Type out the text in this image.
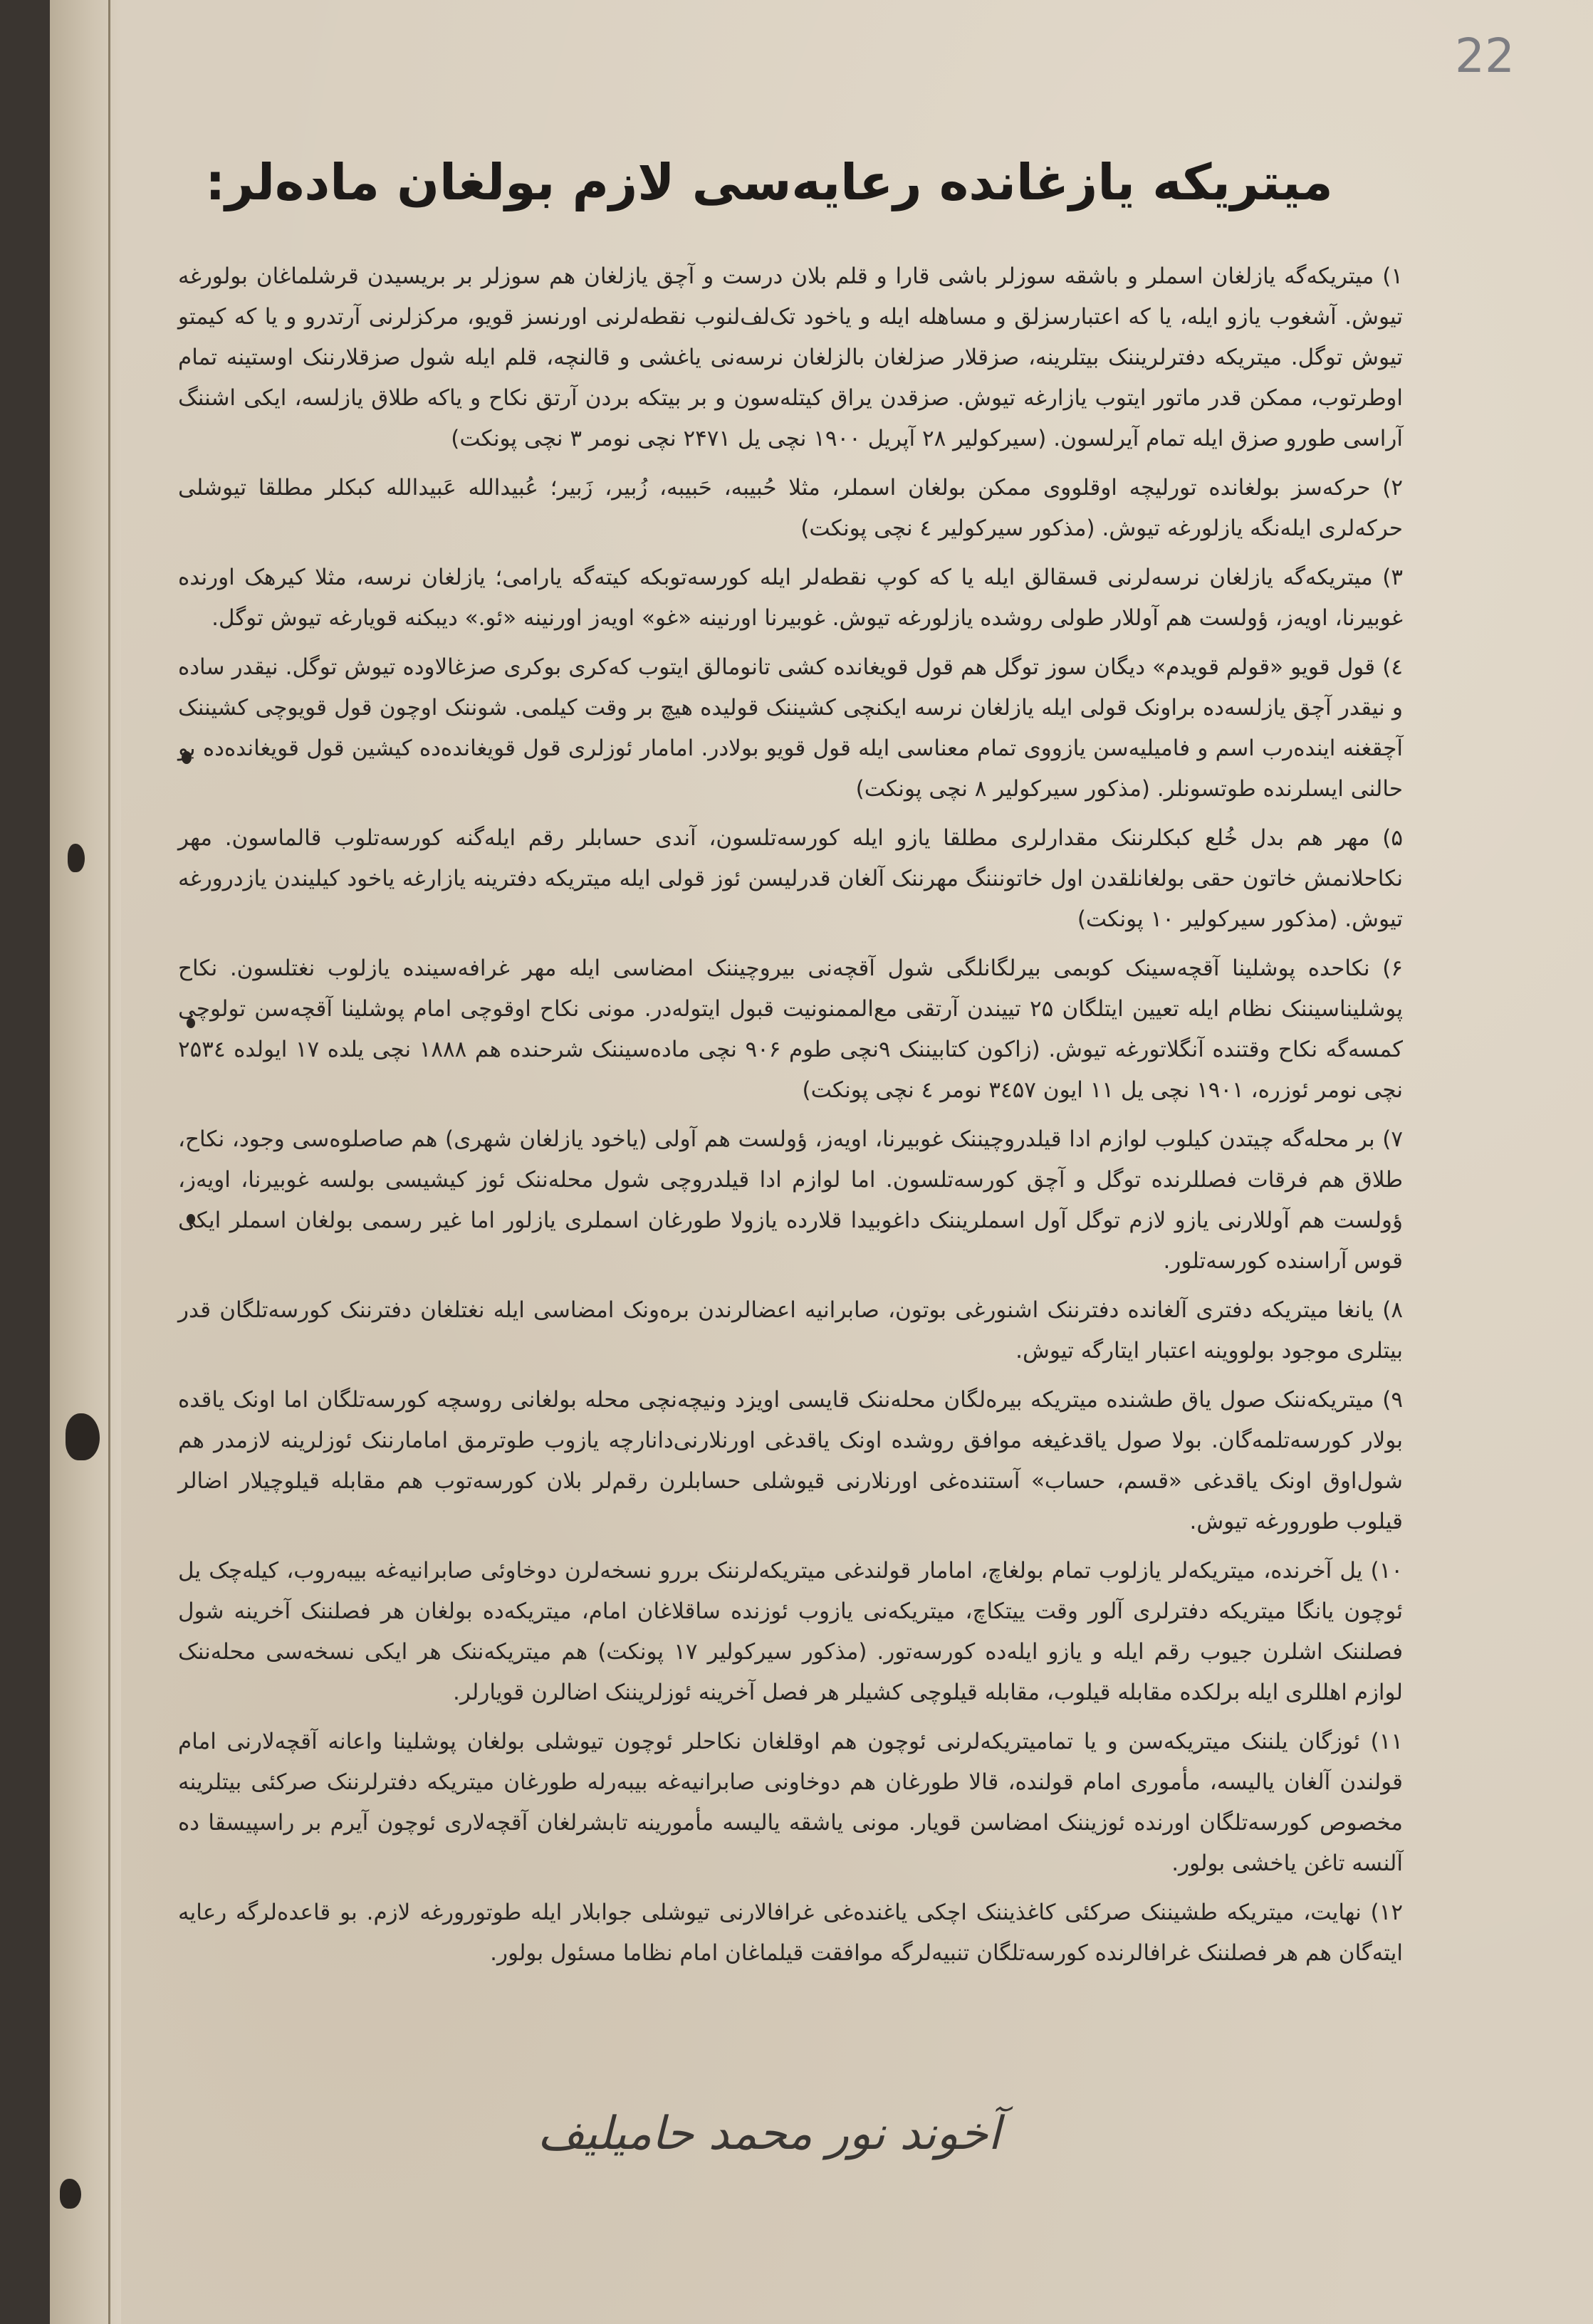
22
میتریکه یازغانده رعایه‌سی لازم بولغان ماده‌لر:

۱) میتریکه‌گه یازلغان اسملر و باشقه سوزلر باشی قارا و قلم بلان درست و آچق یازلغان هم سوزلر بر بریسیدن قرشلماغان بولورغه تیوش. آشغوب یازو ایله، یا که اعتبارسزلق و مساهله ایله و یاخود تک‌لف‌لنوب نقطه‌لرنی اورنسز قویو، مرکزلرنی آرتدرو و یا که کیمتو تیوش توگل. میتریکه دفترلریننک بیتلرینه، صزقلار صزلغان بالزلغان نرسه‌نی یاغشی و قالنچه، قلم ایله شول صزقلارننک اوستینه تمام اوطرتوب، ممکن قدر ماتور ایتوب یازارغه تیوش. صزقدن یراق کیتله‌سون و بر بیتکه بردن آرتق نکاح و یاکه طلاق یازلسه، ایکی اشننگ آراسی طورو صزق ایله تمام آیرلسون. (سیرکولیر ۲۸ آپریل ۱۹۰۰ نچی یل ۲۴۷۱ نچی نومر ۳ نچی پونکت)

۲) حرکه‌سز بولغانده تورلیچه اوقلووی ممکن بولغان اسملر، مثلا حُبیبه، حَبیبه، زُبیر، زَبیر؛ عُبیدالله عَبیدالله کبکلر مطلقا تیوشلی حرکه‌لری ایله‌نگه یازلورغه تیوش. (مذکور سیرکولیر ٤ نچی پونکت)

۳) میتریکه‌گه یازلغان نرسه‌لرنی قسقالق ایله یا که کوپ نقطه‌لر ایله کورسه‌توبکه کیته‌گه یارامی؛ یازلغان نرسه، مثلا کیرهک اورنده غوبیرنا، اویه‌ز، ؤولست هم آوللار طولی روشده یازلورغه تیوش. غوبیرنا اورنینه «غو» اویه‌ز اورنینه «ئو.» دیبکنه قویارغه تیوش توگل.

٤) قول قویو «قولم قویدم» دیگان سوز توگل هم قول قویغانده کشی تانومالق ایتوب که‌کری بوکری صزغالاوده تیوش توگل. نیقدر ساده و نیقدر آچق یازلسه‌ده براونک قولی ایله یازلغان نرسه ایکنچی کشیننک قولیده هیچ بر وقت کیلمی. شوننک اوچون قول قویوچی کشیننک آچقغنه اینده‌رب اسم و فامیلیه‌سن یازووی تمام معناسی ایله قول قویو بولادر. امامار ئوزلری قول قویغانده‌ده کیشین قول قویغانده‌ده بو حالنی ایسلرنده طوتسونلر. (مذکور سیرکولیر ۸ نچی پونکت)

۵) مهر هم بدل خُلع کبکلرننک مقدارلری مطلقا یازو ایله کورسه‌تلسون، آندی حسابلر رقم ایله‌گنه کورسه‌تلوب قالماسون. مهر نکاحلانمش خاتون حقی بولغانلقدن اول خاتونننگ مهرننک آلغان قدرلیسن ئوز قولی ایله میتریکه دفترینه یازارغه یاخود کیلیندن یازدرورغه تیوش. (مذکور سیرکولیر ۱۰ پونکت)

۶) نکاحده پوشلینا آقچه‌سینک کوبمی بیرلگانلگی شول آقچه‌نی بیروچیننک امضاسی ایله مهر غرافه‌سینده یازلوب نغتلسون. نکاح پوشلیناسیننک نظام ایله تعیین ایتلگان ۲۵ تییندن آرتقی مع‌الممنونیت قبول ایتوله‌در. مونی نکاح اوقوچی امام پوشلینا آقچه‌سن تولوچی کمسه‌گه نکاح وقتنده آنگلاتورغه تیوش. (زاکون کتابیننک ۹نچی طوم ۹۰۶ نچی ماده‌سیننک شرحنده هم ۱۸۸۸ نچی یلده ۱۷ ایولده ۲۵۳٤ نچی نومر ئوزره، ۱۹۰۱ نچی یل ۱۱ ایون ۳٤۵۷ نومر ٤ نچی پونکت)

۷) بر محله‌گه چیتدن کیلوب لوازم ادا قیلدروچیننک غوبیرنا، اویه‌ز، ؤولست هم آولی (یاخود یازلغان شهری) هم صاصلوه‌سی وجود، نکاح، طلاق هم فرقات فصللرنده توگل و آچق کورسه‌تلسون. اما لوازم ادا قیلدروچی شول محله‌ننک ئوز کیشیسی بولسه غوبیرنا، اویه‌ز، ؤولست هم آوللارنی یازو لازم توگل آول اسملریننک داغوبیدا قلارده یازولا طورغان اسملری یازلور اما غیر رسمی بولغان اسملر ایکی قوس آراسنده کورسه‌تلور.

۸) یانغا میتریکه دفتری آلغانده دفترننک اشنورغی بوتون، صابرانیه اعضالرندن بره‌ونک امضاسی ایله نغتلغان دفترننک کورسه‌تلگان قدر بیتلری موجود بولووینه اعتبار ایتارگه تیوش.

۹) میتریکه‌ننک صول یاق طشنده میتریکه بیره‌لگان محله‌ننک قایسی اویزد ونیچه‌نچی محله بولغانی روسچه کورسه‌تلگان اما اونک یاقده بولار کورسه‌تلمه‌گان. بولا صول یاقدغیغه موافق روشده اونک یاقدغی اورنلارنی‌دانارچه یازوب طوترمق امامارننک ئوزلرینه لازمدر هم شول‌اوق اونک یاقدغی «قسم، حساب» آستنده‌غی اورنلارنی قیوشلی حسابلرن رقم‌لر بلان کورسه‌توب هم مقابله قیلوچیلار اضالر قیلوب طورورغه تیوش.

۱۰) یل آخرنده، میتریکه‌لر یازلوب تمام بولغاچ، امامار قولندغی میتریکه‌لرننک بررو نسخه‌لرن دوخاوئی صابرانیه‌غه بیبه‌روب، کیله‌چک یل ئوچون یانگا میتریکه دفترلری آلور وقت ییتکاچ، میتریکه‌نی یازوب ئوزنده ساقلاغان امام، میتریکه‌ده بولغان هر فصلننک آخرینه شول فصلننک اشلرن جیوب رقم ایله و یازو ایله‌ده کورسه‌تور. (مذکور سیرکولیر ۱۷ پونکت) هم میتریکه‌ننک هر ایکی نسخه‌سی محله‌ننک لوازم اهللری ایله برلکده مقابله قیلوب، مقابله قیلوچی کشیلر هر فصل آخرینه ئوزلریننک اضالرن قویارلر.

۱۱) ئوزگان یلننک میتریکه‌سن و یا تمامیتریکه‌لرنی ئوچون هم اوقلغان نکاحلر ئوچون تیوشلی بولغان پوشلینا واعانه آقچه‌لارنی امام قولندن آلغان یالیسه، مأموری امام قولنده، قالا طورغان هم دوخاونی صابرانیه‌غه بیبه‌رله طورغان میتریکه دفترلرننک صرکئی بیتلرینه مخصوص کورسه‌تلگان اورنده ئوزیننک امضاسن قویار. مونی یاشقه یالیسه مأمورینه تابشرلغان آقچه‌لاری ئوچون آیرم بر راسپیسقا ده آلنسه تاغن یاخشی بولور.

۱۲) نهایت، میتریکه طشیننک صرکئی کاغذیننک اچکی یاغنده‌غی غرافالارنی تیوشلی جوابلار ایله طوتورورغه لازم. بو قاعده‌لرگه رعایه ایته‌گان هم هر فصلننک غرافالرنده کورسه‌تلگان تنبیه‌لرگه موافقت قیلماغان امام نظاما مسئول بولور.

آخوند نور محمد حامیلیف
